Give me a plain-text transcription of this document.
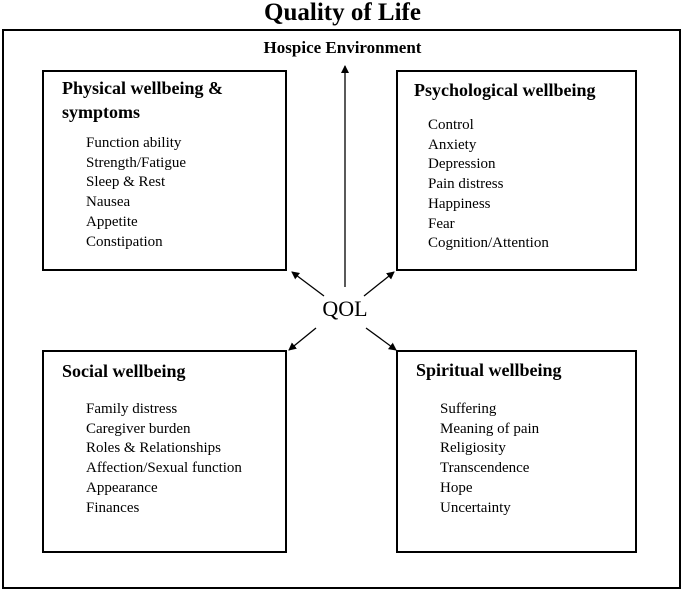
Quality of Life
Hospice Environment
QOL
Physical wellbeing & symptoms
Function ability
Strength/Fatigue
Sleep & Rest
Nausea
Appetite
Constipation
Psychological wellbeing
Control
Anxiety
Depression
Pain distress
Happiness
Fear
Cognition/Attention
Social wellbeing
Family distress
Caregiver burden
Roles & Relationships
Affection/Sexual function
Appearance
Finances
Spiritual wellbeing
Suffering
Meaning of pain
Religiosity
Transcendence
Hope
Uncertainty
